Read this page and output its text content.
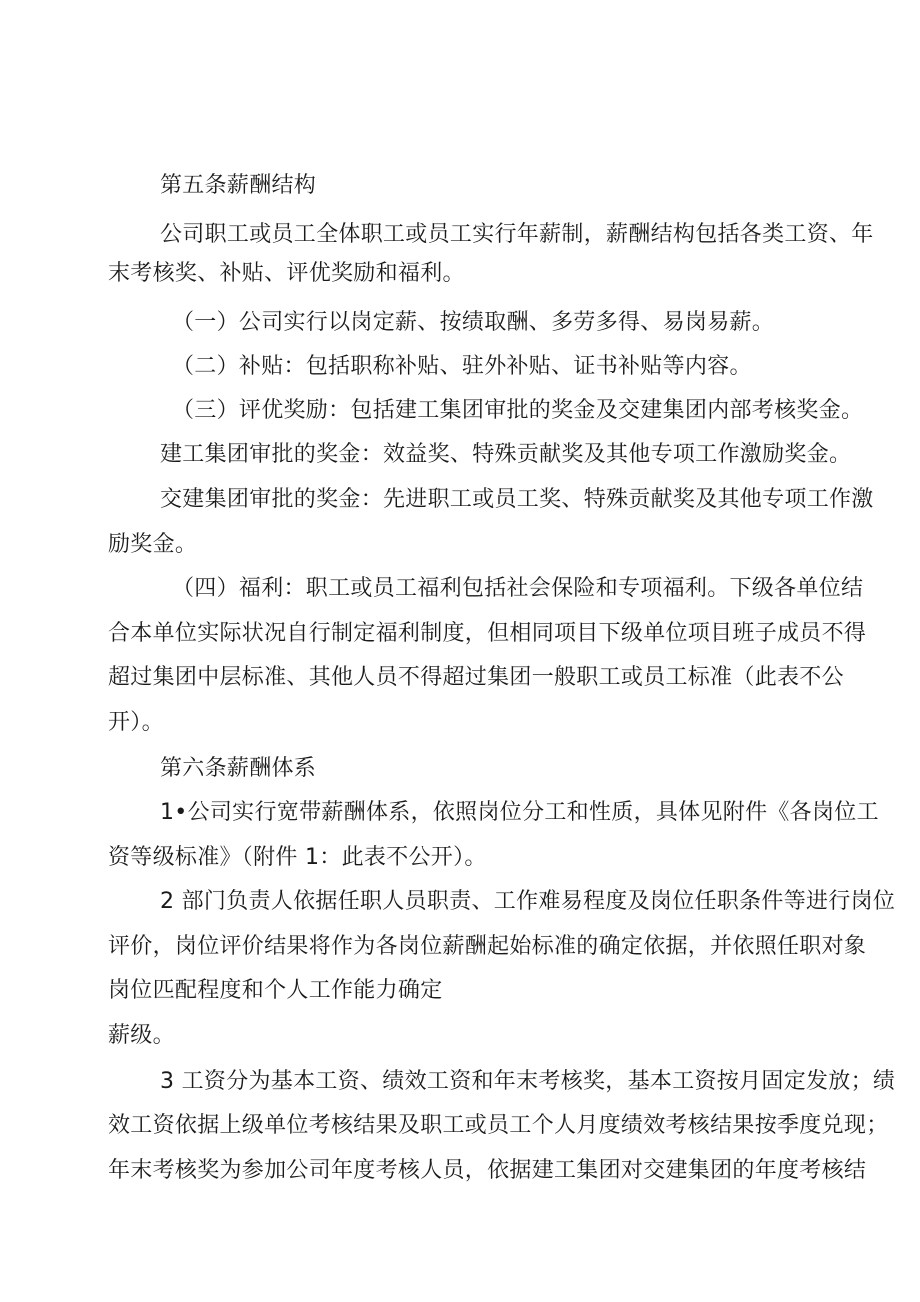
第五条薪酬结构
公司职工或员工全体职工或员工实行年薪制，薪酬结构包括各类工资、年
末考核奖、补贴、评优奖励和福利。
（一）公司实行以岗定薪、按绩取酬、多劳多得、易岗易薪。
（二）补贴：包括职称补贴、驻外补贴、证书补贴等内容。
（三）评优奖励：包括建工集团审批的奖金及交建集团内部考核奖金。
建工集团审批的奖金：效益奖、特殊贡献奖及其他专项工作激励奖金。
交建集团审批的奖金：先进职工或员工奖、特殊贡献奖及其他专项工作激
励奖金。
（四）福利：职工或员工福利包括社会保险和专项福利。下级各单位结
合本单位实际状况自行制定福利制度，但相同项目下级单位项目班子成员不得
超过集团中层标准、其他人员不得超过集团一般职工或员工标准（此表不公
开）。
第六条薪酬体系
1•公司实行宽带薪酬体系，依照岗位分工和性质，具体见附件《各岗位工
资等级标准》（附件 1：此表不公开）。
2 部门负责人依据任职人员职责、工作难易程度及岗位任职条件等进行岗位
评价，岗位评价结果将作为各岗位薪酬起始标准的确定依据，并依照任职对象
岗位匹配程度和个人工作能力确定
薪级。
3 工资分为基本工资、绩效工资和年末考核奖，基本工资按月固定发放；绩
效工资依据上级单位考核结果及职工或员工个人月度绩效考核结果按季度兑现；
年末考核奖为参加公司年度考核人员，依据建工集团对交建集团的年度考核结
